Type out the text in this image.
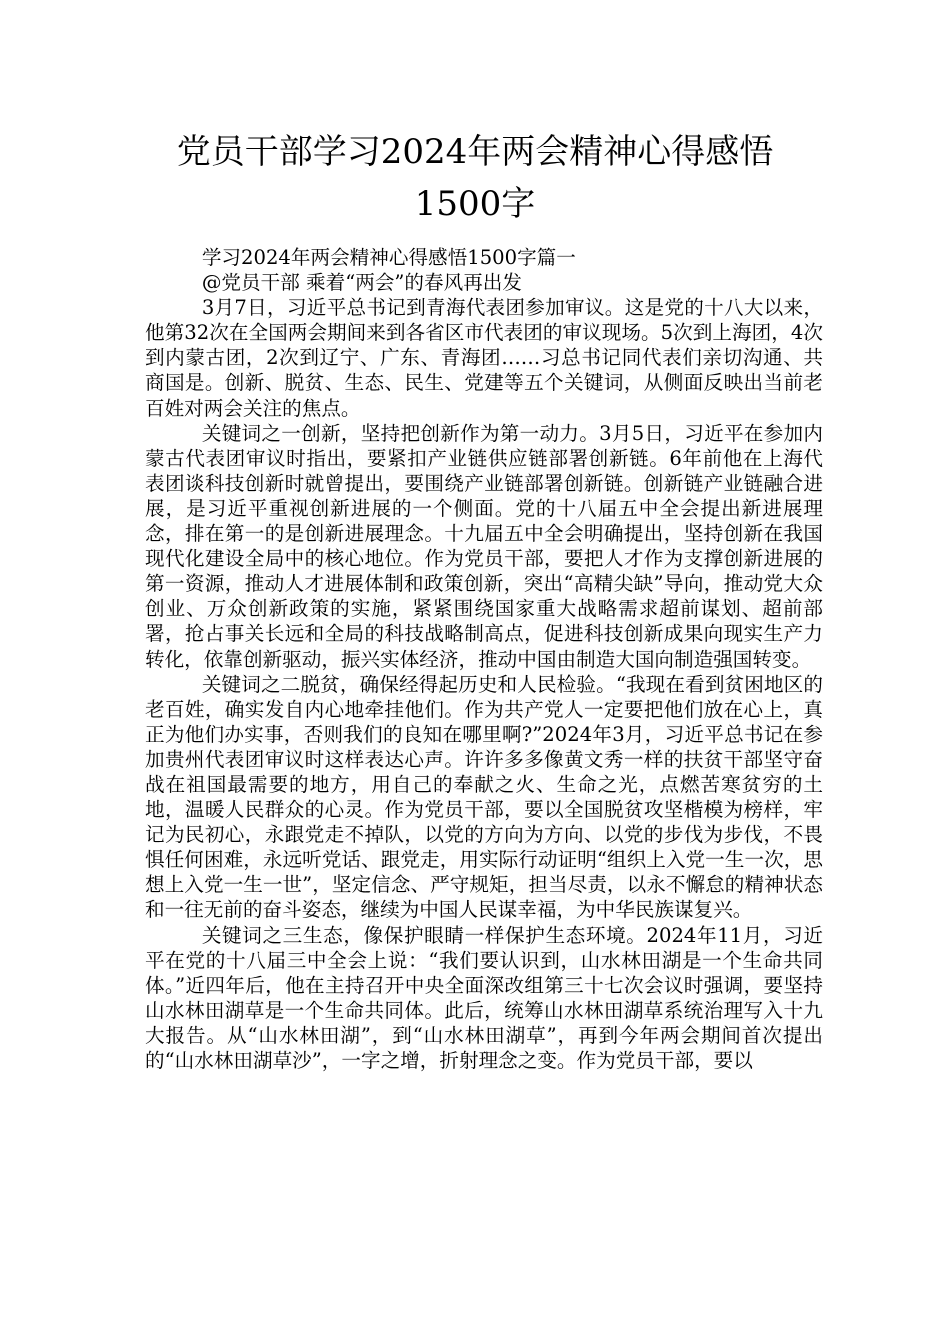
党员干部学习2024年两会精神心得感悟
1500字

学习2024年两会精神心得感悟1500字篇一

@党员干部 乘着“两会”的春风再出发

3月7日，习近平总书记到青海代表团参加审议。这是党的十八大以来，他第32次在全国两会期间来到各省区市代表团的审议现场。5次到上海团，4次到内蒙古团，2次到辽宁、广东、青海团……习总书记同代表们亲切沟通、共商国是。创新、脱贫、生态、民生、党建等五个关键词，从侧面反映出当前老百姓对两会关注的焦点。

关键词之一创新，坚持把创新作为第一动力。3月5日，习近平在参加内蒙古代表团审议时指出，要紧扣产业链供应链部署创新链。6年前他在上海代表团谈科技创新时就曾提出，要围绕产业链部署创新链。创新链产业链融合进展，是习近平重视创新进展的一个侧面。党的十八届五中全会提出新进展理念，排在第一的是创新进展理念。十九届五中全会明确提出，坚持创新在我国现代化建设全局中的核心地位。作为党员干部，要把人才作为支撑创新进展的第一资源，推动人才进展体制和政策创新，突出“高精尖缺”导向，推动党大众创业、万众创新政策的实施，紧紧围绕国家重大战略需求超前谋划、超前部署，抢占事关长远和全局的科技战略制高点，促进科技创新成果向现实生产力转化，依靠创新驱动，振兴实体经济，推动中国由制造大国向制造强国转变。

关键词之二脱贫，确保经得起历史和人民检验。“我现在看到贫困地区的老百姓，确实发自内心地牵挂他们。作为共产党人一定要把他们放在心上，真正为他们办实事，否则我们的良知在哪里啊?”2024年3月，习近平总书记在参加贵州代表团审议时这样表达心声。许许多多像黄文秀一样的扶贫干部坚守奋战在祖国最需要的地方，用自己的奉献之火、生命之光，点燃苦寒贫穷的土地，温暖人民群众的心灵。作为党员干部，要以全国脱贫攻坚楷模为榜样，牢记为民初心，永跟党走不掉队，以党的方向为方向、以党的步伐为步伐，不畏惧任何困难，永远听党话、跟党走，用实际行动证明“组织上入党一生一次，思想上入党一生一世”，坚定信念、严守规矩，担当尽责，以永不懈怠的精神状态和一往无前的奋斗姿态，继续为中国人民谋幸福，为中华民族谋复兴。

关键词之三生态，像保护眼睛一样保护生态环境。2024年11月，习近平在党的十八届三中全会上说：“我们要认识到，山水林田湖是一个生命共同体。”近四年后，他在主持召开中央全面深改组第三十七次会议时强调，要坚持山水林田湖草是一个生命共同体。此后，统筹山水林田湖草系统治理写入十九大报告。从“山水林田湖”，到“山水林田湖草”，再到今年两会期间首次提出的“山水林田湖草沙”，一字之增，折射理念之变。作为党员干部，要以
